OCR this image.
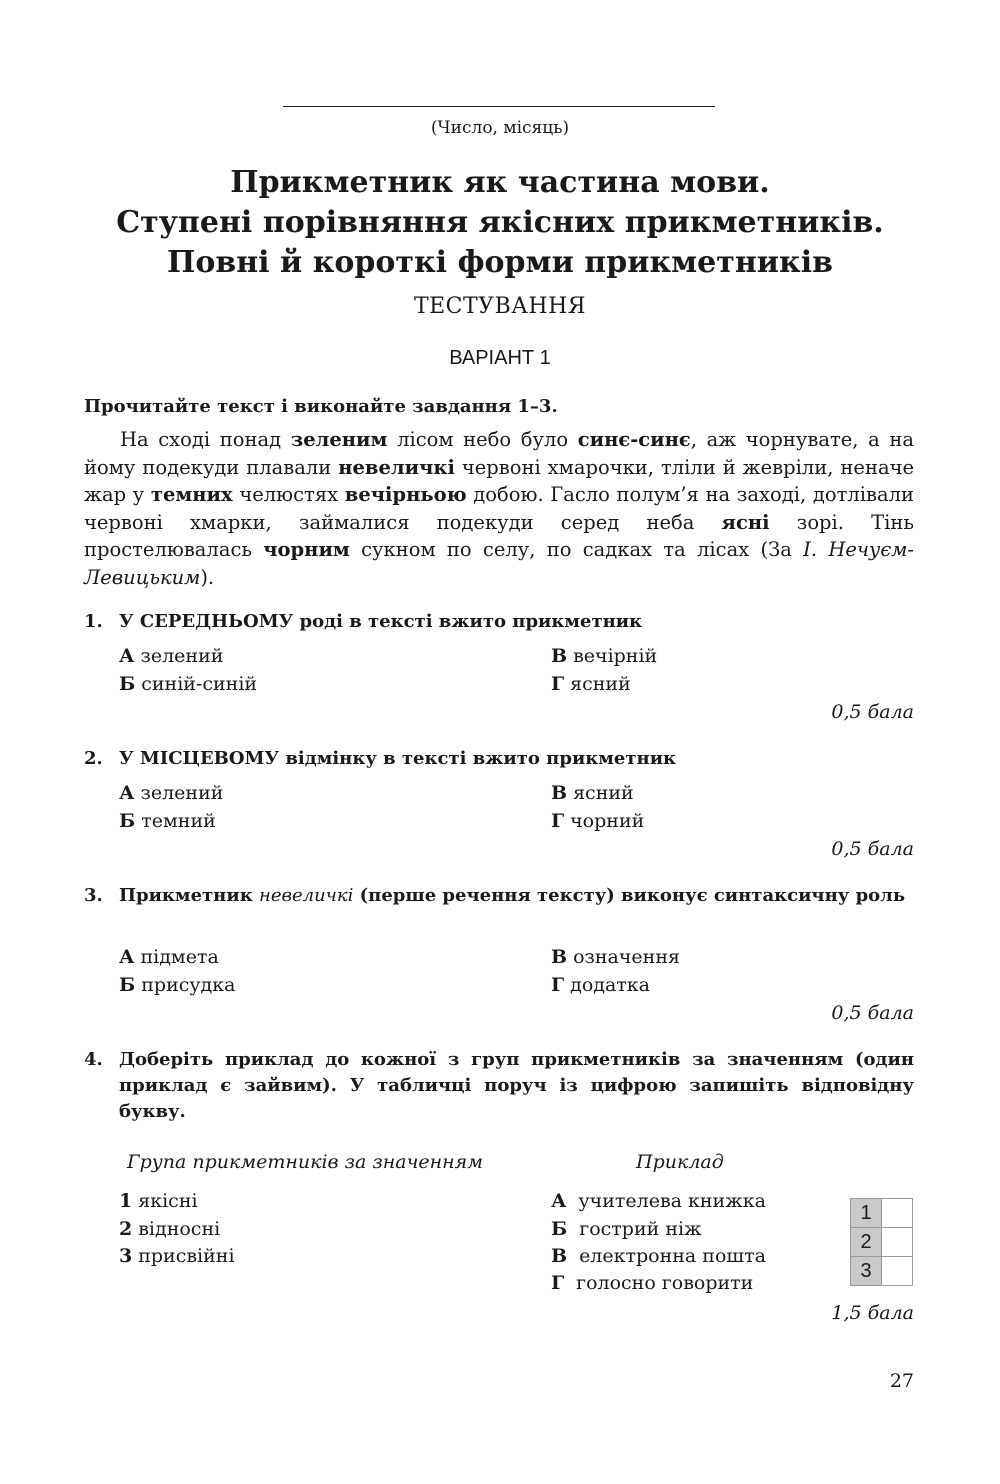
(Число, місяць)
Прикметник як частина мови.
Ступені порівняння якісних прикметників.
Повні й короткі форми прикметників
ТЕСТУВАННЯ
ВАРІАНТ 1
Прочитайте текст і виконайте завдання 1–3.
На сході понад зеленим лісом небо було синє-синє, аж чорнувате, а на йому подекуди плавали невеличкі червоні хмарочки, тліли й жевріли, неначе жар у темних челюстях вечірньою добою. Гасло полум’я на заході, дотлівали червоні хмарки, займалися подекуди серед неба ясні зорі. Тінь простелювалась чорним сукном по селу, по садках та лісах (За І. Нечуєм-Левицьким).
1. У СЕРЕДНЬОМУ роді в тексті вжито прикметник
А зелений
Б синій-синій
В вечірній
Г ясний
0,5 бала
2. У МІСЦЕВОМУ відмінку в тексті вжито прикметник
А зелений
Б темний
В ясний
Г чорний
0,5 бала
3. Прикметник невеличкі (перше речення тексту) виконує синтаксичну роль
А підмета
Б присудка
В означення
Г додатка
0,5 бала
4. Доберіть приклад до кожної з груп прикметників за значенням (один приклад є зайвим). У табличці поруч із цифрою запишіть відповідну букву.
Група прикметників за значенням	Приклад
1 якісні
2 відносні
3 присвійні
А учителева книжка
Б гострий ніж
В електронна пошта
Г голосно говорити
1	
2	
3	
1,5 бала
27
